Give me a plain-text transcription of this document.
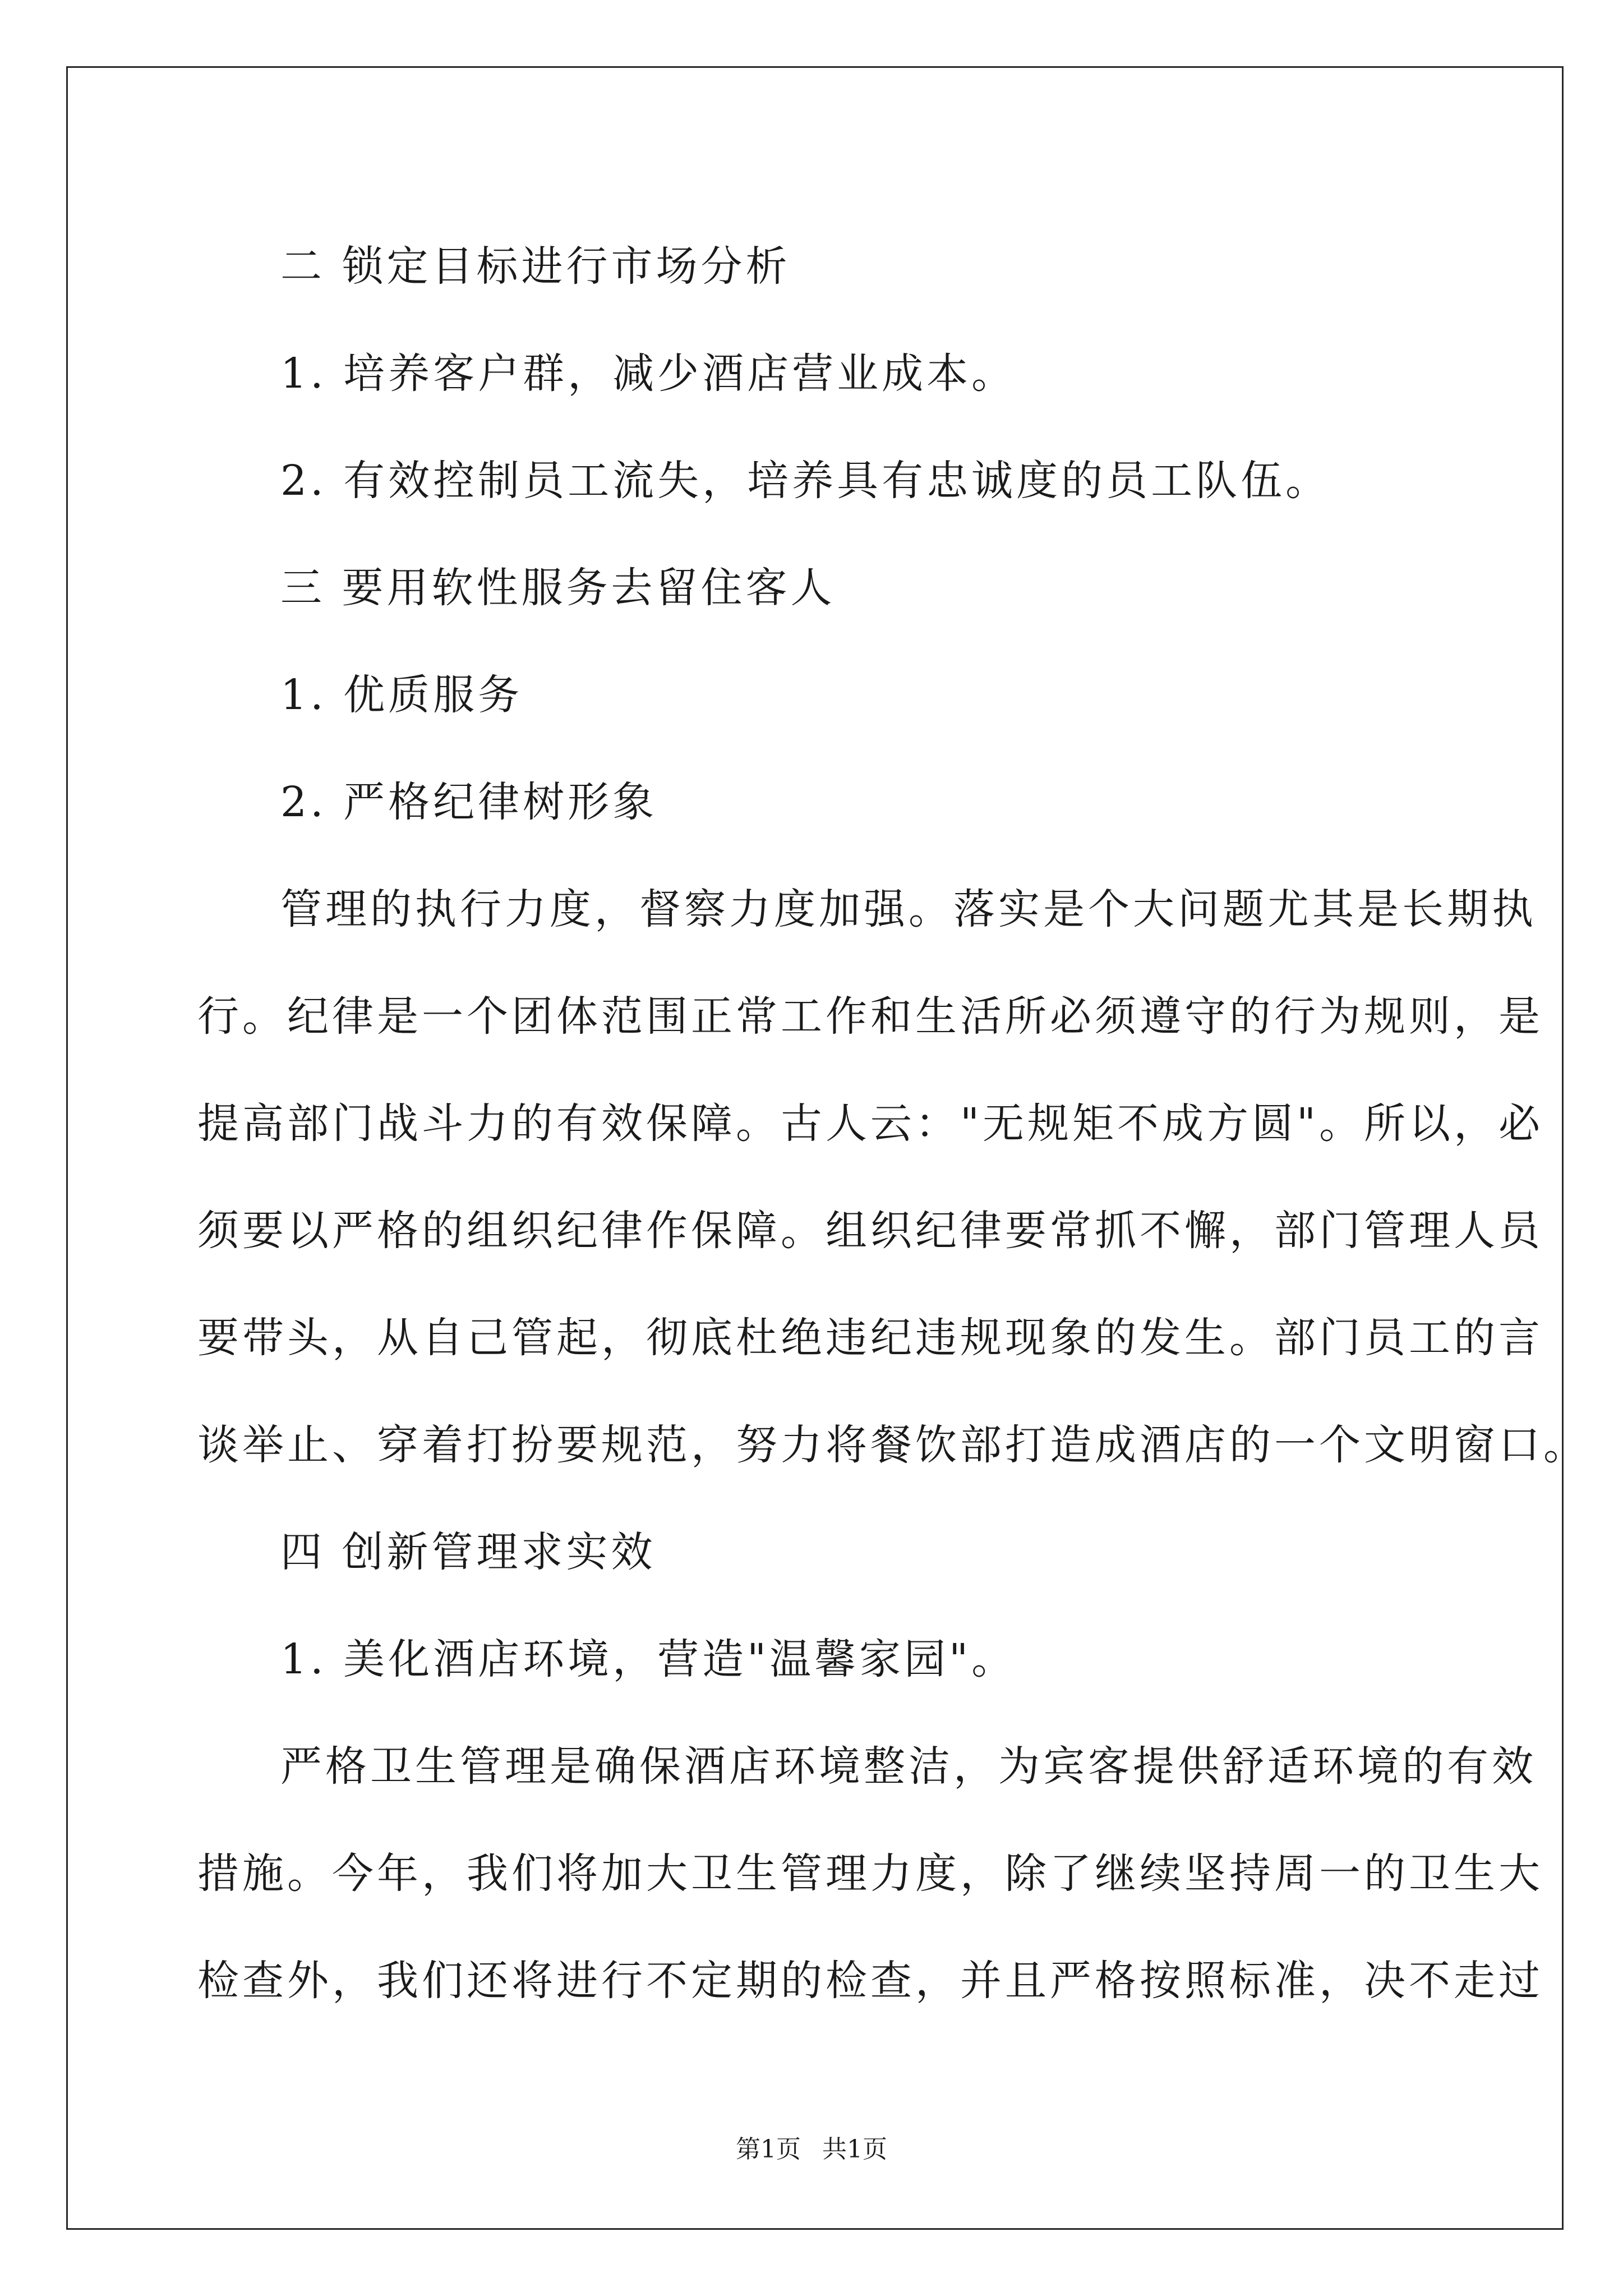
二 锁定目标进行市场分析
1. 培养客户群，减少酒店营业成本。
2. 有效控制员工流失，培养具有忠诚度的员工队伍。
三 要用软性服务去留住客人
1. 优质服务
2. 严格纪律树形象
管理的执行力度，督察力度加强。落实是个大问题尤其是长期执
行。纪律是一个团体范围正常工作和生活所必须遵守的行为规则，是
提高部门战斗力的有效保障。古人云："无规矩不成方圆"。所以，必
须要以严格的组织纪律作保障。组织纪律要常抓不懈，部门管理人员
要带头，从自己管起，彻底杜绝违纪违规现象的发生。部门员工的言
谈举止、穿着打扮要规范，努力将餐饮部打造成酒店的一个文明窗口。
四 创新管理求实效
1. 美化酒店环境，营造"温馨家园"。
严格卫生管理是确保酒店环境整洁，为宾客提供舒适环境的有效
措施。今年，我们将加大卫生管理力度，除了继续坚持周一的卫生大
检查外，我们还将进行不定期的检查，并且严格按照标准，决不走过
第1页 共1页
